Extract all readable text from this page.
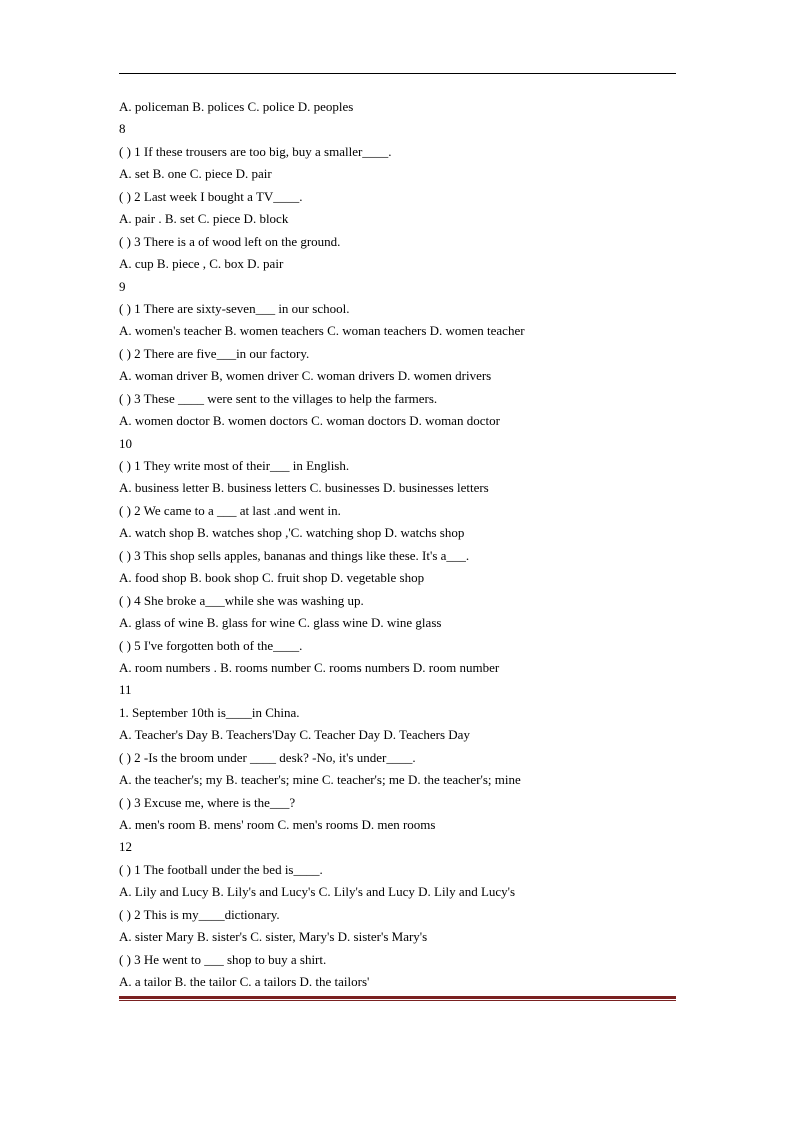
A. policeman B. polices C. police D. peoples
8
( ) 1 If these trousers are too big, buy a smaller____.
A. set B. one C. piece D. pair
( ) 2 Last week I bought a TV____.
A. pair . B. set C. piece D. block
( ) 3 There is a of wood left on the ground.
A. cup B. piece , C. box D. pair
9
( ) 1 There are sixty-seven___ in our school.
A. women's teacher B. women teachers C. woman teachers D. women teacher
( ) 2 There are five___in our factory.
A. woman driver B, women driver C. woman drivers D. women drivers
( ) 3 These ____ were sent to the villages to help the farmers.
A. women doctor B. women doctors C. woman doctors D. woman doctor
10
( ) 1 They write most of their___ in English.
A. business letter B. business letters C. businesses D. businesses letters
( ) 2 We came to a ___ at last .and went in.
A. watch shop B. watches shop ,'C. watching shop D. watchs shop
( ) 3 This shop sells apples, bananas and things like these. It's a___.
A. food shop B. book shop C. fruit shop D. vegetable shop
( ) 4 She broke a___while she was washing up.
A. glass of wine B. glass for wine C. glass wine D. wine glass
( ) 5 I've forgotten both of the____.
A. room numbers . B. rooms number C. rooms numbers D. room number
11
1. September 10th is____in China.
A. Teacher's Day B. Teachers'Day C. Teacher Day D. Teachers Day
( ) 2 -Is the broom under ____ desk? -No, it's under____.
A. the teacher's; my B. teacher's; mine C. teacher's; me D. the teacher's; mine
( ) 3 Excuse me, where is the___?
A. men's room B. mens' room C. men's rooms D. men rooms
12
( ) 1 The football under the bed is____.
A. Lily and Lucy B. Lily's and Lucy's C. Lily's and Lucy D. Lily and Lucy's
( ) 2 This is my____dictionary.
A. sister Mary B. sister's C. sister, Mary's D. sister's Mary's
( ) 3 He went to ___ shop to buy a shirt.
A. a tailor B. the tailor C. a tailors D. the tailors'
